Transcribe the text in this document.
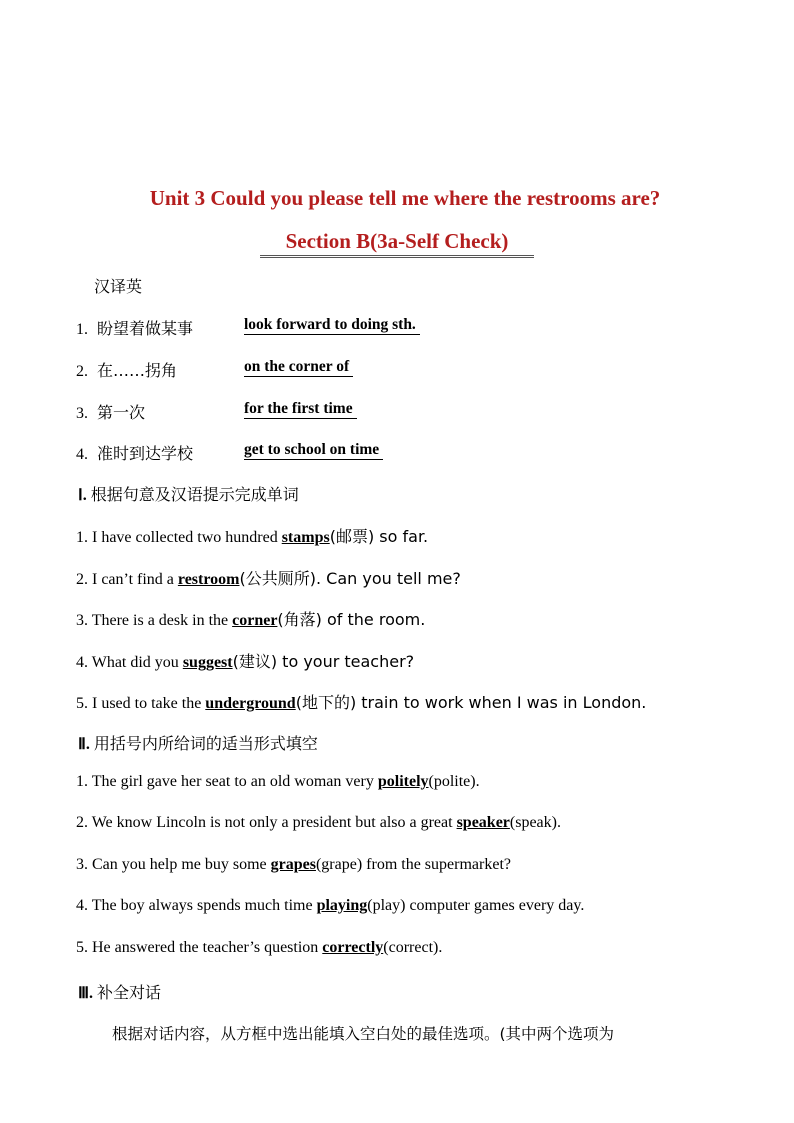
Unit 3 Could you please tell me where the restrooms are?
Section B(3a-Self Check)
汉译英
1. 盼望着做某事	look forward to doing sth.
2. 在……拐角	on the corner of
3. 第一次	for the first time
4. 准时到达学校	get to school on time
Ⅰ. 根据句意及汉语提示完成单词
1. I have collected two hundred stamps(邮票) so far.
2. I can’t find a restroom(公共厕所). Can you tell me?
3. There is a desk in the corner(角落) of the room.
4. What did you suggest(建议) to your teacher?
5. I used to take the underground(地下的) train to work when I was in London.
Ⅱ. 用括号内所给词的适当形式填空
1. The girl gave her seat to an old woman very politely(polite).
2. We know Lincoln is not only a president but also a great speaker(speak).
3. Can you help me buy some grapes(grape) from the supermarket?
4. The boy always spends much time playing(play) computer games every day.
5. He answered the teacher’s question correctly(correct).
Ⅲ. 补全对话
根据对话内容，从方框中选出能填入空白处的最佳选项。(其中两个选项为
